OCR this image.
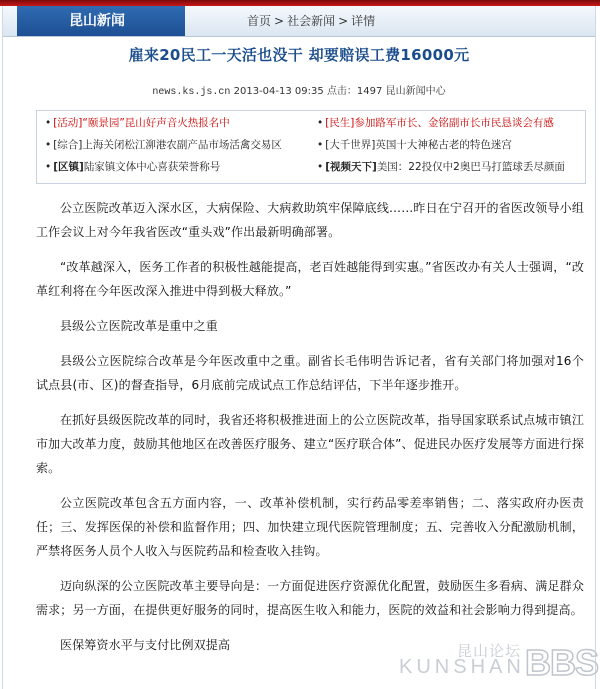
昆山新闻	首页 > 社会新闻 > 详情
雇来20民工一天活也没干 却要赔误工费16000元
news.ks.js.cn 2013-04-13 09:35 点击：1497 昆山新闻中心
• [活动]“颐景园”昆山好声音火热报名中	• [民生]参加路军市长、金铭副市长市民恳谈会有感
• [综合]上海关闭松江泖港农副产品市场活禽交易区	• [大千世界]英国十大神秘古老的特色迷宫
• [区镇]陆家镇文体中心喜获荣誉称号	• [视频天下]美国：22投仅中2奥巴马打篮球丢尽颜面

公立医院改革迈入深水区，大病保险、大病救助筑牢保障底线……昨日在宁召开的省医改领导小组工作会议上对今年我省医改“重头戏”作出最新明确部署。

“改革越深入，医务工作者的积极性越能提高，老百姓越能得到实惠。”省医改办有关人士强调，“改革红利将在今年医改深入推进中得到极大释放。”

县级公立医院改革是重中之重

县级公立医院综合改革是今年医改重中之重。副省长毛伟明告诉记者，省有关部门将加强对16个试点县(市、区)的督查指导，6月底前完成试点工作总结评估，下半年逐步推开。

在抓好县级医院改革的同时，我省还将积极推进面上的公立医院改革，指导国家联系试点城市镇江市加大改革力度，鼓励其他地区在改善医疗服务、建立“医疗联合体”、促进民办医疗发展等方面进行探索。

公立医院改革包含五方面内容，一、改革补偿机制，实行药品零差率销售；二、落实政府办医责任；三、发挥医保的补偿和监督作用；四、加快建立现代医院管理制度；五、完善收入分配激励机制，严禁将医务人员个人收入与医院药品和检查收入挂钩。

迈向纵深的公立医院改革主要导向是：一方面促进医疗资源优化配置，鼓励医生多看病、满足群众需求；另一方面，在提供更好服务的同时，提高医生收入和能力，医院的效益和社会影响力得到提高。

医保筹资水平与支付比例双提高	昆山论坛
KUNSHAN BBS
